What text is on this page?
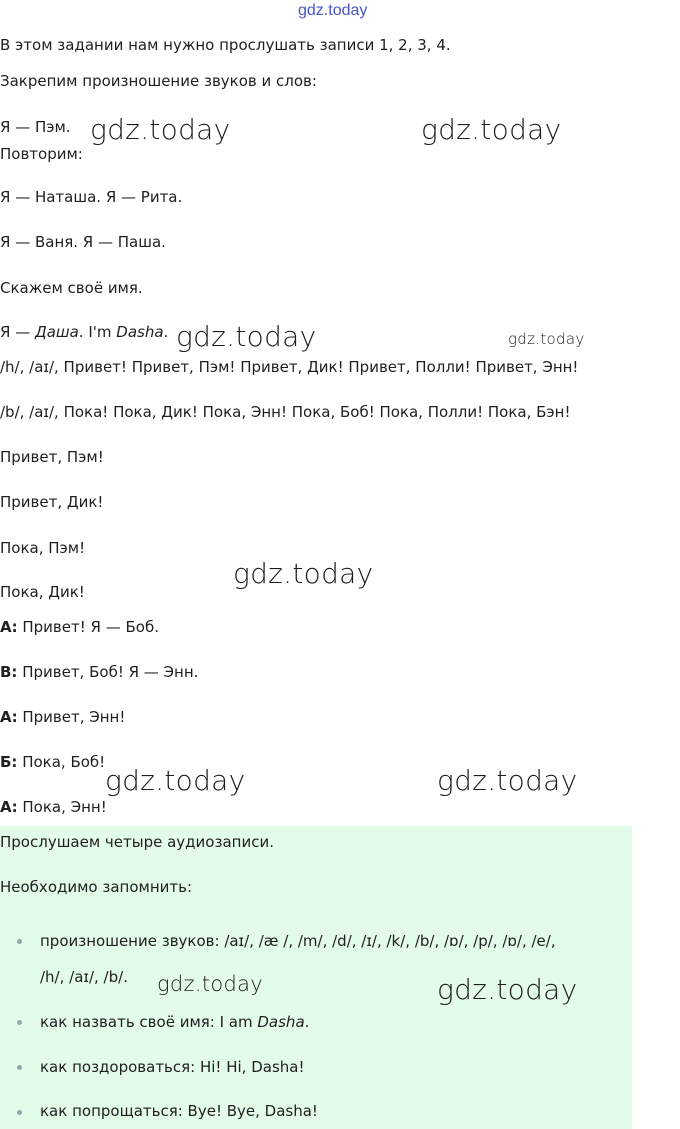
gdz.today

В этом задании нам нужно прослушать записи 1, 2, 3, 4.

Закрепим произношение звуков и слов:

Я — Пэм.

Повторим:

Я — Наташа. Я — Рита.

Я — Ваня. Я — Паша.

Скажем своё имя.

Я — Даша. I'm Dasha.

/h/, /aɪ/, Привет! Привет, Пэм! Привет, Дик! Привет, Полли! Привет, Энн!

/b/, /aɪ/, Пока! Пока, Дик! Пока, Энн! Пока, Боб! Пока, Полли! Пока, Бэн!

Привет, Пэм!

Привет, Дик!

Пока, Пэм!

Пока, Дик!

А: Привет! Я — Боб.

В: Привет, Боб! Я — Энн.

А: Привет, Энн!

Б: Пока, Боб!

А: Пока, Энн!

Прослушаем четыре аудиозаписи.

Необходимо запомнить:

произношение звуков: /aɪ/, /æ /, /m/, /d/, /ɪ/, /k/, /b/, /ɒ/, /p/, /ɒ/, /e/,

/h/, /aɪ/, /b/.

как назвать своё имя: I am Dasha.

как поздороваться: Hi! Hi, Dasha!

как попрощаться: Bye! Bye, Dasha!

gdz.today	gdz.today
gdz.today	gdz.today
gdz.today
gdz.today	gdz.today
gdz.today	gdz.today
